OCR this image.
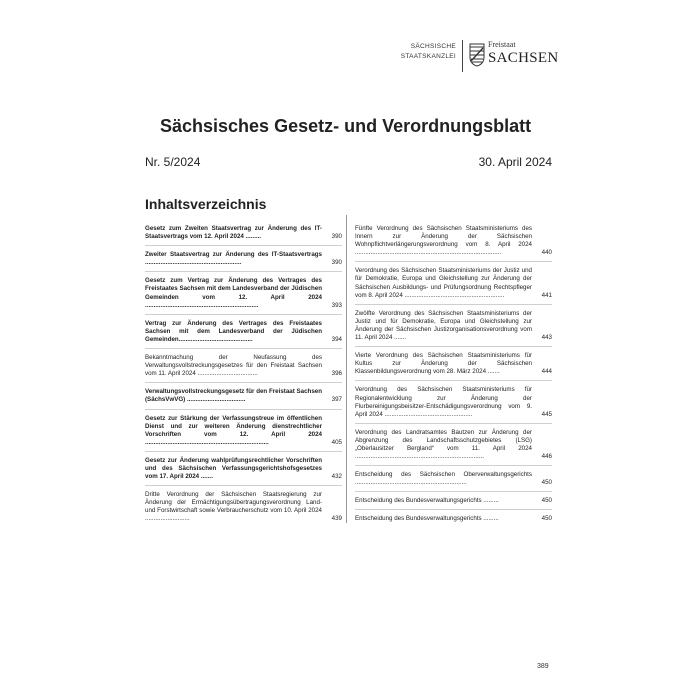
SÄCHSISCHE
STAATSKANZLEI
Freistaat
SACHSEN
Sächsisches Gesetz- und Verordnungsblatt
Nr. 5/2024	30. April 2024
Inhaltsverzeichnis
Gesetz zum Zweiten Staatsvertrag zur Änderung des IT-Staatsvertrags vom 12. April 2024 .........	390
Zweiter Staatsvertrag zur Änderung des IT-Staatsvertrags ........................................................	390
Gesetz zum Vertrag zur Änderung des Vertrages des Freistaates Sachsen mit dem Landesverband der Jüdischen Gemeinden vom 12. April 2024 ..................................................................	393
Vertrag zur Änderung des Vertrages des Freistaates Sachsen mit dem Landesverband der Jüdischen Gemeinden...........................................	394
Bekanntmachung der Neufassung des Verwaltungsvollstreckungsgesetzes für den Freistaat Sachsen vom 11. April 2024 ...................................	396
Verwaltungsvollstreckungsgesetz für den Freistaat Sachsen (SächsVwVG) ..................................	397
Gesetz zur Stärkung der Verfassungstreue im öffentlichen Dienst und zur weiteren Änderung dienstrechtlicher Vorschriften vom 12. April 2024 ........................................................................	405
Gesetz zur Änderung wahlprüfungsrechtlicher Vorschriften und des Sächsischen Verfassungsgerichtshofsgesetzes vom 17. April 2024 .......	432
Dritte Verordnung der Sächsischen Staatsregierung zur Änderung der Ermächtigungsübertragungsverordnung Land- und Forstwirtschaft sowie Verbraucherschutz vom 10. April 2024 ..........................	439
Fünfte Verordnung des Sächsischen Staatsministeriums des Innern zur Änderung der Sächsischen Wohnpflichtverlängerungsverordnung vom 8. April 2024 .....................................................................................	440
Verordnung des Sächsischen Staatsministeriums der Justiz und für Demokratie, Europa und Gleichstellung zur Änderung der Sächsischen Ausbildungs- und Prüfungsordnung Rechtspfleger vom 8. April 2024 ..........................................................	441
Zwölfte Verordnung des Sächsischen Staatsministeriums der Justiz und für Demokratie, Europa und Gleichstellung zur Änderung der Sächsischen Justizorganisationsverordnung vom 11. April 2024 .......	443
Vierte Verordnung des Sächsischen Staatsministeriums für Kultus zur Änderung der Sächsischen Klassenbildungsverordnung vom 28. März 2024 .......	444
Verordnung des Sächsischen Staatsministeriums für Regionalentwicklung zur Änderung der Flurbereinigungsbeisitzer-Entschädigungsverordnung vom 9. April 2024 ...................................................	445
Verordnung des Landratsamtes Bautzen zur Änderung der Abgrenzung des Landschaftsschutzgebietes (LSG) „Oberlausitzer Bergland“ vom 11. April 2024 ...........................................................................	446
Entscheidung des Sächsischen Oberverwaltungsgerichts .................................................................	450
Entscheidung des Bundesverwaltungsgerichts .........	450
Entscheidung des Bundesverwaltungsgerichts .........	450
389
